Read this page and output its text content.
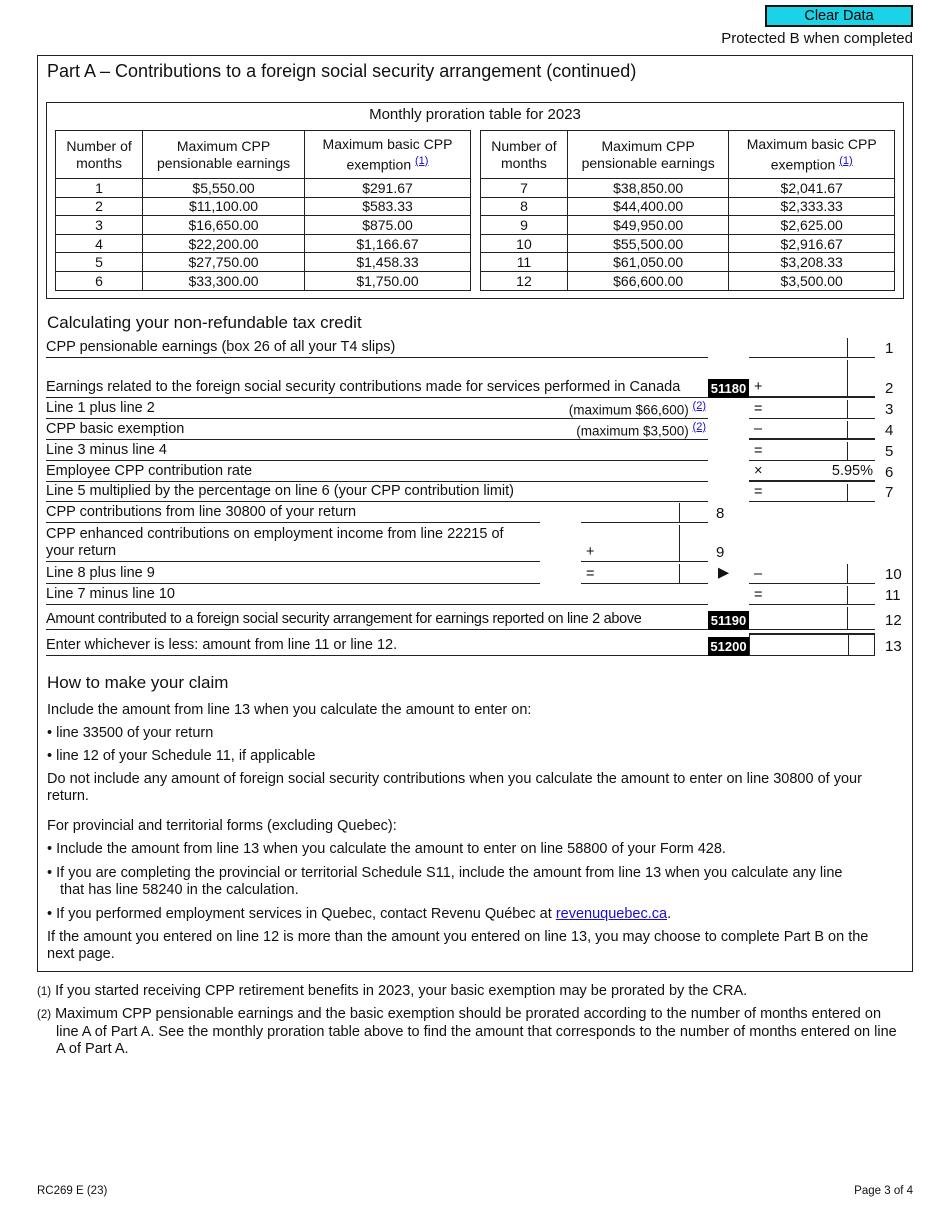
Clear Data
Protected B when completed
Part A – Contributions to a foreign social security arrangement (continued)
Monthly proration table for 2023
Number of months	Maximum CPP pensionable earnings	Maximum basic CPP exemption $^{(1)}$
1	$5,550.00	$291.67
2	$11,100.00	$583.33
3	$16,650.00	$875.00
4	$22,200.00	$1,166.67
5	$27,750.00	$1,458.33
6	$33,300.00	$1,750.00
Number of months	Maximum CPP pensionable earnings	Maximum basic CPP exemption $^{(1)}$
7	$38,850.00	$2,041.67
8	$44,400.00	$2,333.33
9	$49,950.00	$2,625.00
10	$55,500.00	$2,916.67
11	$61,050.00	$3,208.33
12	$66,600.00	$3,500.00
Calculating your non-refundable tax credit
CPP pensionable earnings (box 26 of all your T4 slips)	1
Earnings related to the foreign social security contributions made for services performed in Canada	51180 +	2
Line 1 plus line 2	(maximum $66,600) $^{(2)}$	=	3
CPP basic exemption	(maximum $3,500) $^{(2)}$	–	4
Line 3 minus line 4	=	5
Employee CPP contribution rate	×	5.95% 6
Line 5 multiplied by the percentage on line 6 (your CPP contribution limit)	=	7
CPP contributions from line 30800 of your return	8
CPP enhanced contributions on employment income from line 22215 of your return	+	9
Line 8 plus line 9	=	▶ –	10
Line 7 minus line 10	=	11
Amount contributed to a foreign social security arrangement for earnings reported on line 2 above	51190	12
Enter whichever is less: amount from line 11 or line 12.	51200	13
How to make your claim

Include the amount from line 13 when you calculate the amount to enter on:

• line 33500 of your return

• line 12 of your Schedule 11, if applicable

Do not include any amount of foreign social security contributions when you calculate the amount to enter on line 30800 of your return.

For provincial and territorial forms (excluding Quebec):

• Include the amount from line 13 when you calculate the amount to enter on line 58800 of your Form 428.

• If you are completing the provincial or territorial Schedule S11, include the amount from line 13 when you calculate any line that has line 58240 in the calculation.

• If you performed employment services in Quebec, contact Revenu Québec at revenuquebec.ca.

If the amount you entered on line 12 is more than the amount you entered on line 13, you may choose to complete Part B on the next page.

(1) If you started receiving CPP retirement benefits in 2023, your basic exemption may be prorated by the CRA.
(2) Maximum CPP pensionable earnings and the basic exemption should be prorated according to the number of months entered on line A of Part A. See the monthly proration table above to find the amount that corresponds to the number of months entered on line A of Part A.
RC269 E (23)	Page 3 of 4
